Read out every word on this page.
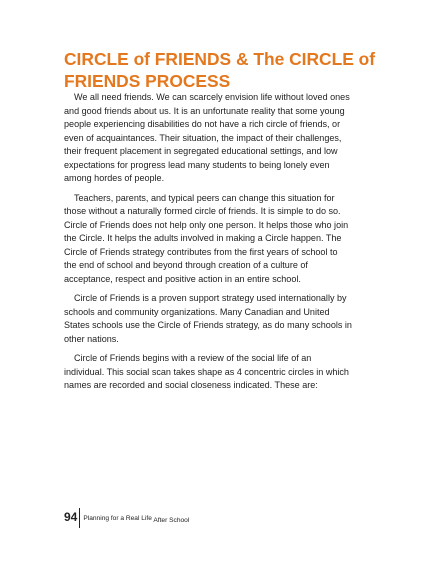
CIRCLE of FRIENDS & The CIRCLE of
FRIENDS PROCESS

We all need friends. We can scarcely envision life without loved ones
and good friends about us. It is an unfortunate reality that some young
people experiencing disabilities do not have a rich circle of friends, or
even of acquaintances. Their situation, the impact of their challenges,
their frequent placement in segregated educational settings, and low
expectations for progress lead many students to being lonely even
among hordes of people.

Teachers, parents, and typical peers can change this situation for
those without a naturally formed circle of friends. It is simple to do so.
Circle of Friends does not help only one person. It helps those who join
the Circle. It helps the adults involved in making a Circle happen. The
Circle of Friends strategy contributes from the first years of school to
the end of school and beyond through creation of a culture of
acceptance, respect and positive action in an entire school.

Circle of Friends is a proven support strategy used internationally by
schools and community organizations. Many Canadian and United
States schools use the Circle of Friends strategy, as do many schools in
other nations.

Circle of Friends begins with a review of the social life of an
individual. This social scan takes shape as 4 concentric circles in which
names are recorded and social closeness indicated. These are:

94 Planning for a Real Life After School
